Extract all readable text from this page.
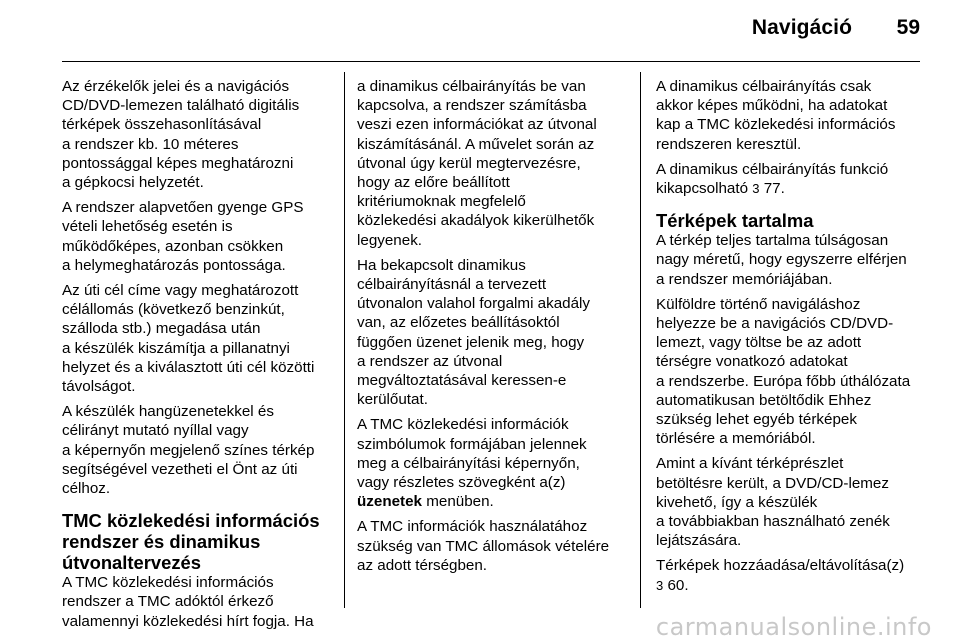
Navigáció 59
Az érzékelők jelei és a navigációs
CD/DVD-lemezen található digitális
térképek összehasonlításával
a rendszer kb. 10 méteres
pontossággal képes meghatározni
a gépkocsi helyzetét.
A rendszer alapvetően gyenge GPS
vételi lehetőség esetén is
működőképes, azonban csökken
a helymeghatározás pontossága.
Az úti cél címe vagy meghatározott
célállomás (következő benzinkút,
szálloda stb.) megadása után
a készülék kiszámítja a pillanatnyi
helyzet és a kiválasztott úti cél közötti
távolságot.
A készülék hangüzenetekkel és
célirányt mutató nyíllal vagy
a képernyőn megjelenő színes térkép
segítségével vezetheti el Önt az úti
célhoz.
TMC közlekedési információs
rendszer és dinamikus
útvonaltervezés
A TMC közlekedési információs
rendszer a TMC adóktól érkező
valamennyi közlekedési hírt fogja. Ha
a dinamikus célbairányítás be van
kapcsolva, a rendszer számításba
veszi ezen információkat az útvonal
kiszámításánál. A művelet során az
útvonal úgy kerül megtervezésre,
hogy az előre beállított
kritériumoknak megfelelő
közlekedési akadályok kikerülhetők
legyenek.
Ha bekapcsolt dinamikus
célbairányításnál a tervezett
útvonalon valahol forgalmi akadály
van, az előzetes beállításoktól
függően üzenet jelenik meg, hogy
a rendszer az útvonal
megváltoztatásával keressen-e
kerülőutat.
A TMC közlekedési információk
szimbólumok formájában jelennek
meg a célbairányítási képernyőn,
vagy részletes szövegként a(z)
üzenetek menüben.
A TMC információk használatához
szükség van TMC állomások vételére
az adott térségben.
A dinamikus célbairányítás csak
akkor képes működni, ha adatokat
kap a TMC közlekedési információs
rendszeren keresztül.
A dinamikus célbairányítás funkció
kikapcsolható 3 77.
Térképek tartalma
A térkép teljes tartalma túlságosan
nagy méretű, hogy egyszerre elférjen
a rendszer memóriájában.
Külföldre történő navigáláshoz
helyezze be a navigációs CD/DVD-
lemezt, vagy töltse be az adott
térségre vonatkozó adatokat
a rendszerbe. Európa főbb úthálózata
automatikusan betöltődik Ehhez
szükség lehet egyéb térképek
törlésére a memóriából.
Amint a kívánt térképrészlet
betöltésre került, a DVD/CD-lemez
kivehető, így a készülék
a továbbiakban használható zenék
lejátszására.
Térképek hozzáadása/eltávolítása(z)
3 60.
carmanualsonline.info
